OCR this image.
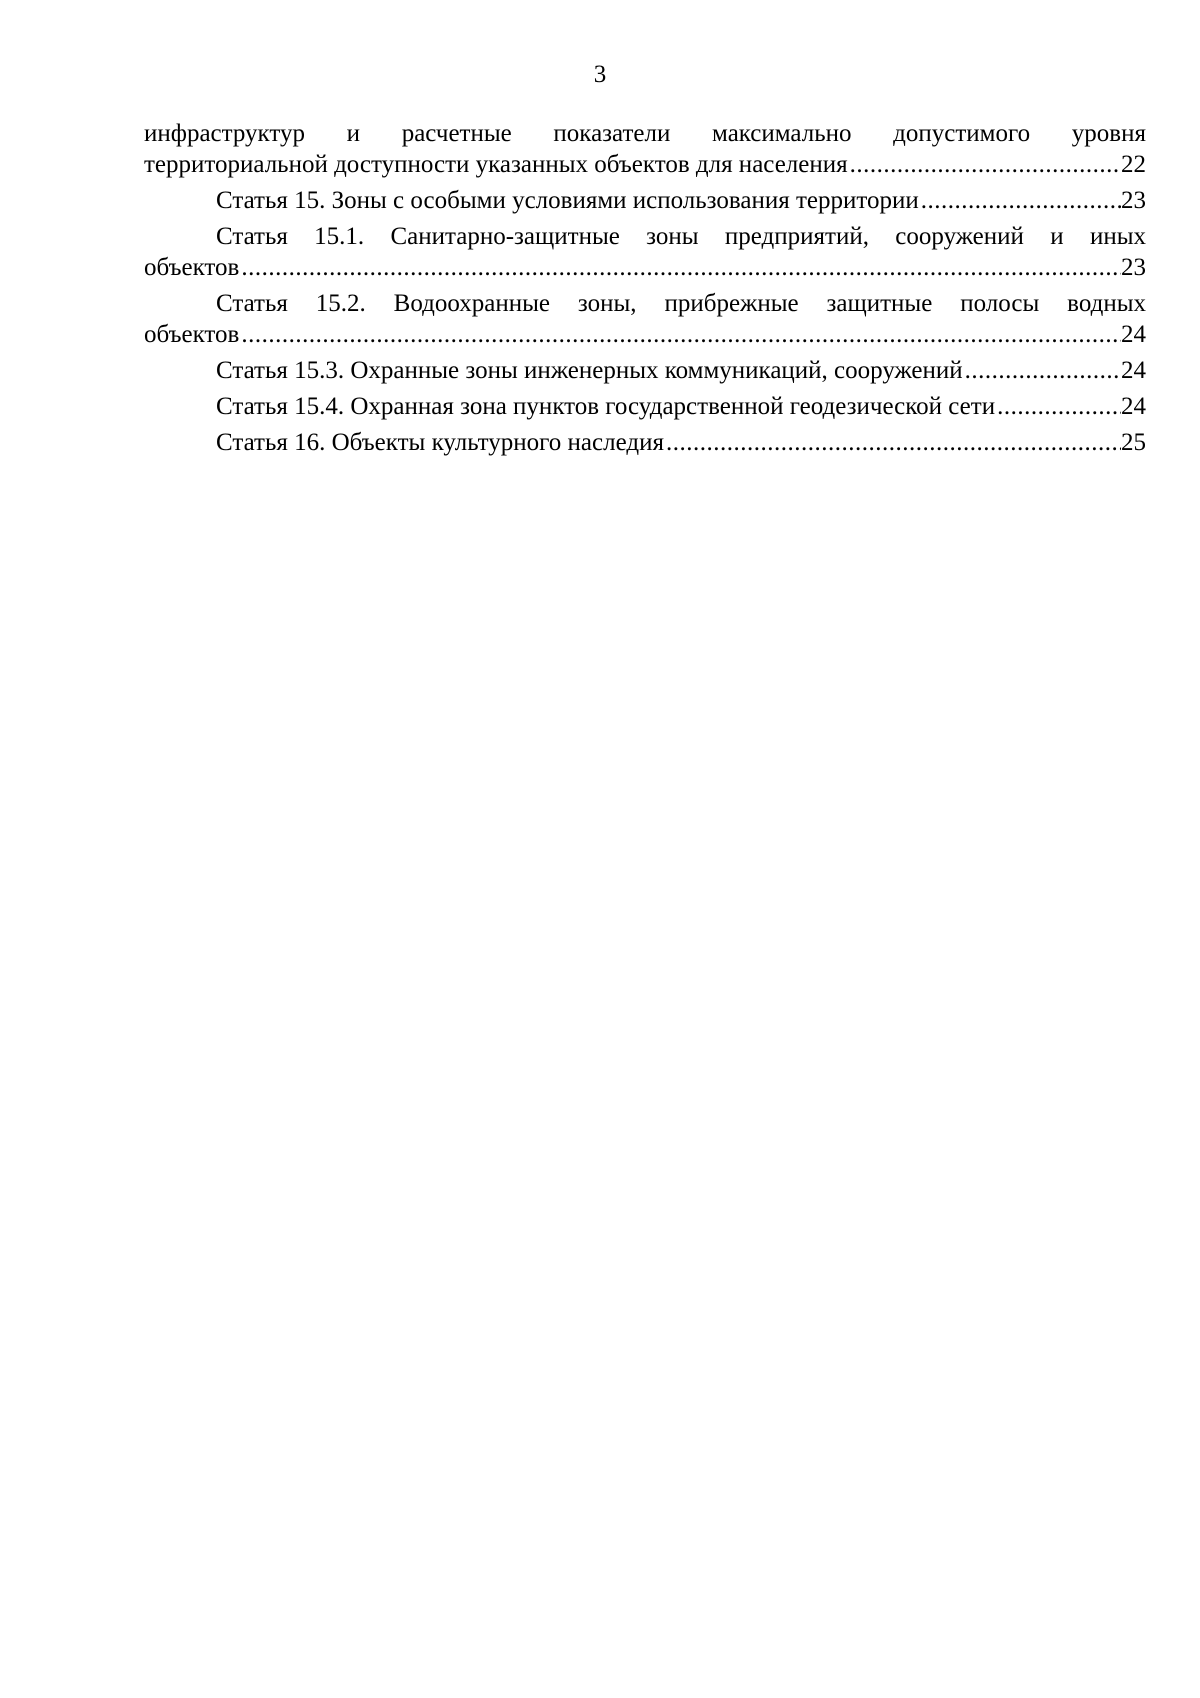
3
инфраструктур и расчетные показатели максимально допустимого уровня
территориальной доступности указанных объектов для населения .....	22
Статья 15. Зоны с особыми условиями использования территории .....	23
Статья 15.1. Санитарно-защитные зоны предприятий, сооружений и иных
объектов .....	23
Статья 15.2. Водоохранные зоны, прибрежные защитные полосы водных
объектов .....	24
Статья 15.3. Охранные зоны инженерных коммуникаций, сооружений .....	24
Статья 15.4. Охранная зона пунктов государственной геодезической сети .....	24
Статья 16. Объекты культурного наследия .....	25
